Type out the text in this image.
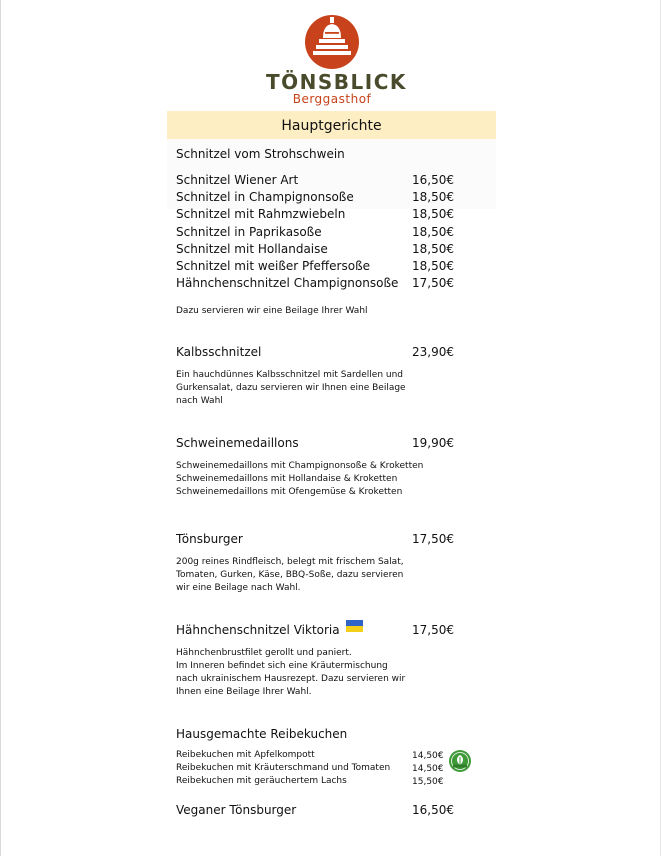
TÖNSBLICK
Berggasthof
Hauptgerichte
Schnitzel vom Strohschwein
Schnitzel Wiener Art	16,50€
Schnitzel in Champignonsoße	18,50€
Schnitzel mit Rahmzwiebeln	18,50€
Schnitzel in Paprikasoße	18,50€
Schnitzel mit Hollandaise	18,50€
Schnitzel mit weißer Pfeffersoße	18,50€
Hähnchenschnitzel Champignonsoße 17,50€
Dazu servieren wir eine Beilage Ihrer Wahl
Kalbsschnitzel	23,90€
Ein hauchdünnes Kalbsschnitzel mit Sardellen und
Gurkensalat, dazu servieren wir Ihnen eine Beilage
nach Wahl
Schweinemedaillons	19,90€
Schweinemedaillons mit Champignonsoße & Kroketten
Schweinemedaillons mit Hollandaise & Kroketten
Schweinemedaillons mit Ofengemüse & Kroketten
Tönsburger	17,50€
200g reines Rindfleisch, belegt mit frischem Salat,
Tomaten, Gurken, Käse, BBQ-Soße, dazu servieren
wir eine Beilage nach Wahl.
Hähnchenschnitzel Viktoria	17,50€
Hähnchenbrustfilet gerollt und paniert.
Im Inneren befindet sich eine Kräutermischung
nach ukrainischem Hausrezept. Dazu servieren wir
Ihnen eine Beilage Ihrer Wahl.
Hausgemachte Reibekuchen
Reibekuchen mit Apfelkompott	14,50€
Reibekuchen mit Kräuterschmand und Tomaten 14,50€
Reibekuchen mit geräuchertem Lachs	15,50€
Veganer Tönsburger	16,50€
